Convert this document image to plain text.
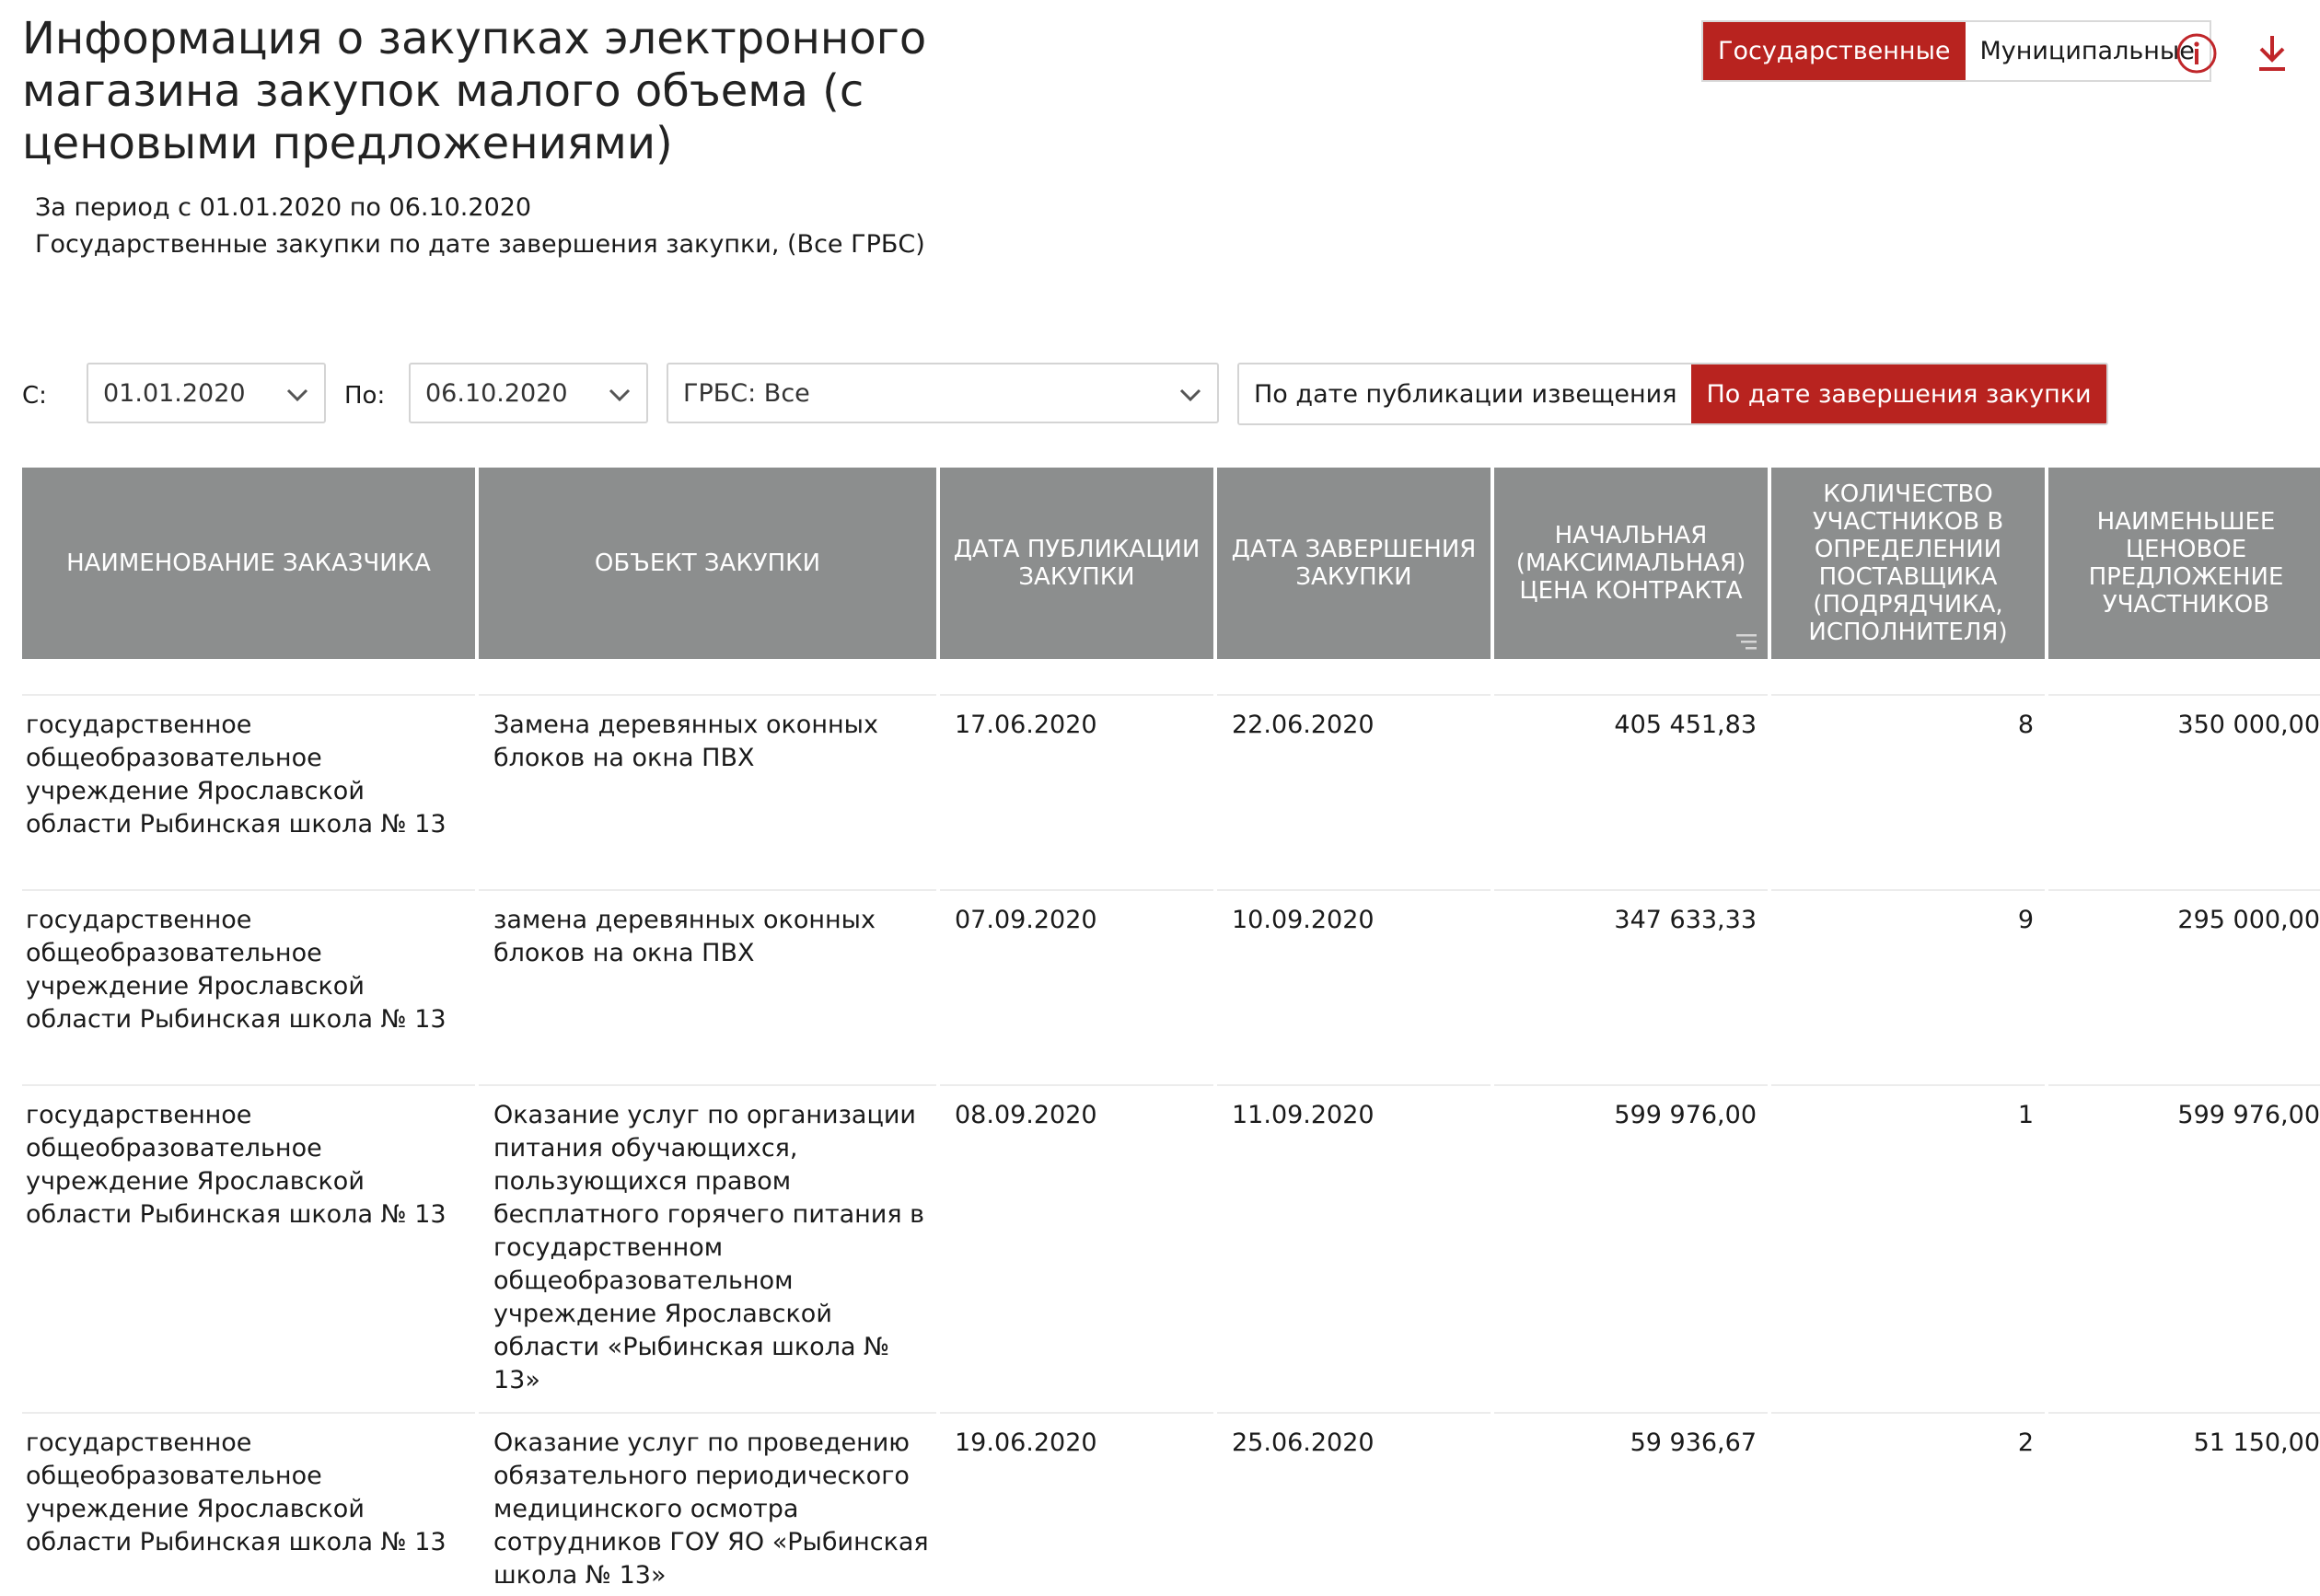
Информация о закупках электронного магазина закупок малого объема (с ценовыми предложениями)
За период с 01.01.2020 по 06.10.2020
Государственные закупки по дате завершения закупки, (Все ГРБС)
Государственные	Муниципальные
С: 01.01.2020	По: 06.10.2020	ГРБС: Все	По дате публикации извещения	По дате завершения закупки
НАИМЕНОВАНИЕ ЗАКАЗЧИКА	ОБЪЕКТ ЗАКУПКИ	ДАТА ПУБЛИКАЦИИ ЗАКУПКИ	ДАТА ЗАВЕРШЕНИЯ ЗАКУПКИ	НАЧАЛЬНАЯ (МАКСИМАЛЬНАЯ) ЦЕНА КОНТРАКТА	КОЛИЧЕСТВО УЧАСТНИКОВ В ОПРЕДЕЛЕНИИ ПОСТАВЩИКА (ПОДРЯДЧИКА, ИСПОЛНИТЕЛЯ)	НАИМЕНЬШЕЕ ЦЕНОВОЕ ПРЕДЛОЖЕНИЕ УЧАСТНИКОВ

государственное общеобразовательное учреждение Ярославской области Рыбинская школа № 13	Замена деревянных оконных блоков на окна ПВХ	17.06.2020	22.06.2020	405 451,83	8	350 000,00
государственное общеобразовательное учреждение Ярославской области Рыбинская школа № 13	замена деревянных оконных блоков на окна ПВХ	07.09.2020	10.09.2020	347 633,33	9	295 000,00
государственное общеобразовательное учреждение Ярославской области Рыбинская школа № 13	Оказание услуг по организации питания обучающихся, пользующихся правом бесплатного горячего питания в государственном общеобразовательном учреждение Ярославской области «Рыбинская школа № 13»	08.09.2020	11.09.2020	599 976,00	1	599 976,00
государственное общеобразовательное учреждение Ярославской области Рыбинская школа № 13	Оказание услуг по проведению обязательного периодического медицинского осмотра сотрудников ГОУ ЯО «Рыбинская школа № 13»	19.06.2020	25.06.2020	59 936,67	2	51 150,00
